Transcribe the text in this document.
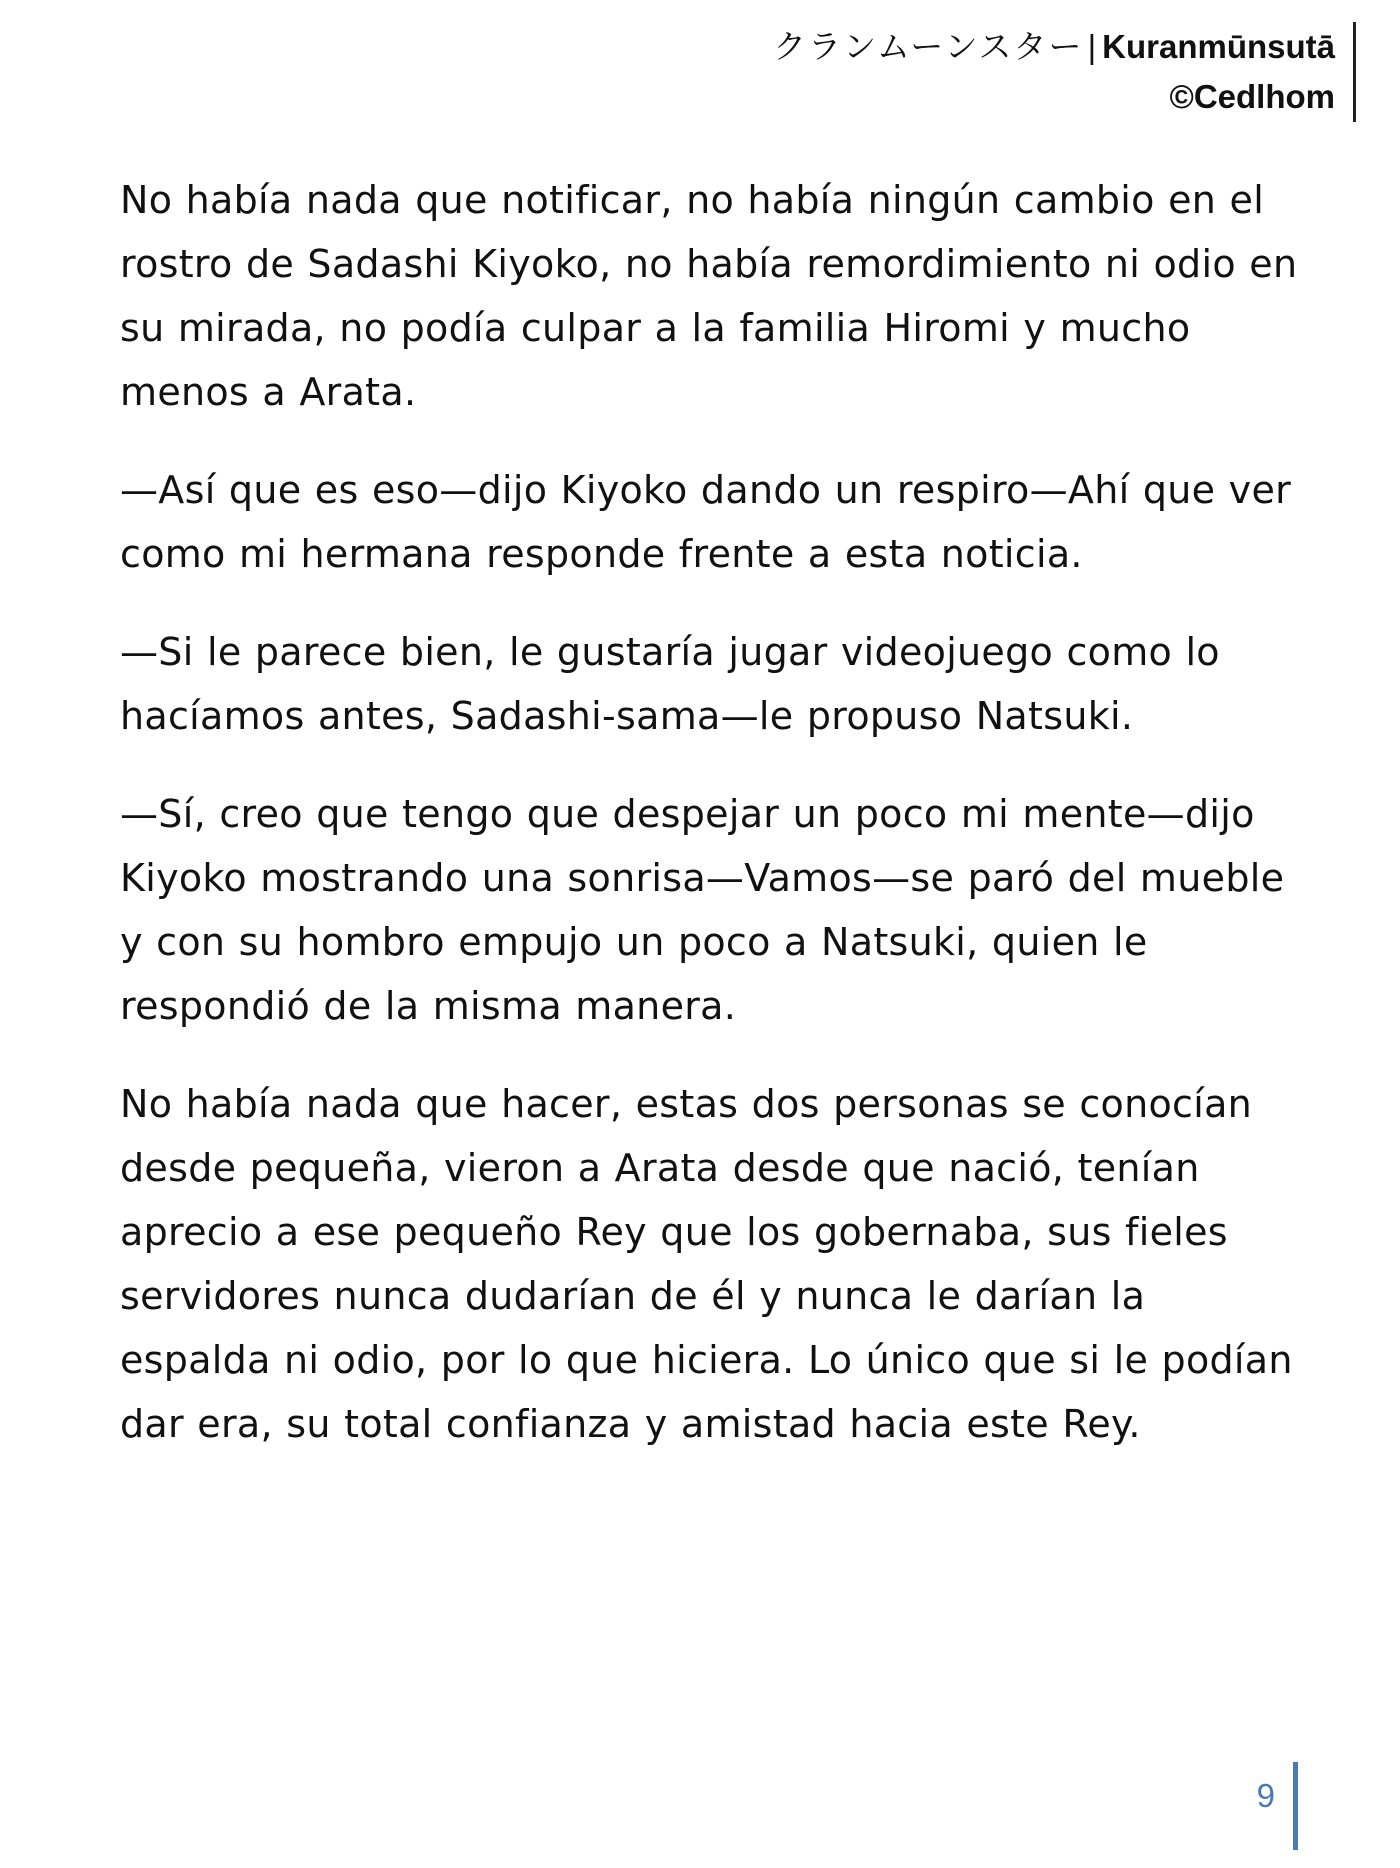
クランムーンスター | Kuranmūnsutā
©Cedlhom

No había nada que notificar, no había ningún cambio en el rostro de Sadashi Kiyoko, no había remordimiento ni odio en su mirada, no podía culpar a la familia Hiromi y mucho menos a Arata.

—Así que es eso—dijo Kiyoko dando un respiro—Ahí que ver como mi hermana responde frente a esta noticia.

—Si le parece bien, le gustaría jugar videojuego como lo hacíamos antes, Sadashi-sama—le propuso Natsuki.

—Sí, creo que tengo que despejar un poco mi mente—dijo Kiyoko mostrando una sonrisa—Vamos—se paró del mueble y con su hombro empujo un poco a Natsuki, quien le respondió de la misma manera.

No había nada que hacer, estas dos personas se conocían desde pequeña, vieron a Arata desde que nació, tenían aprecio a ese pequeño Rey que los gobernaba, sus fieles servidores nunca dudarían de él y nunca le darían la espalda ni odio, por lo que hiciera. Lo único que si le podían dar era, su total confianza y amistad hacia este Rey.

9
